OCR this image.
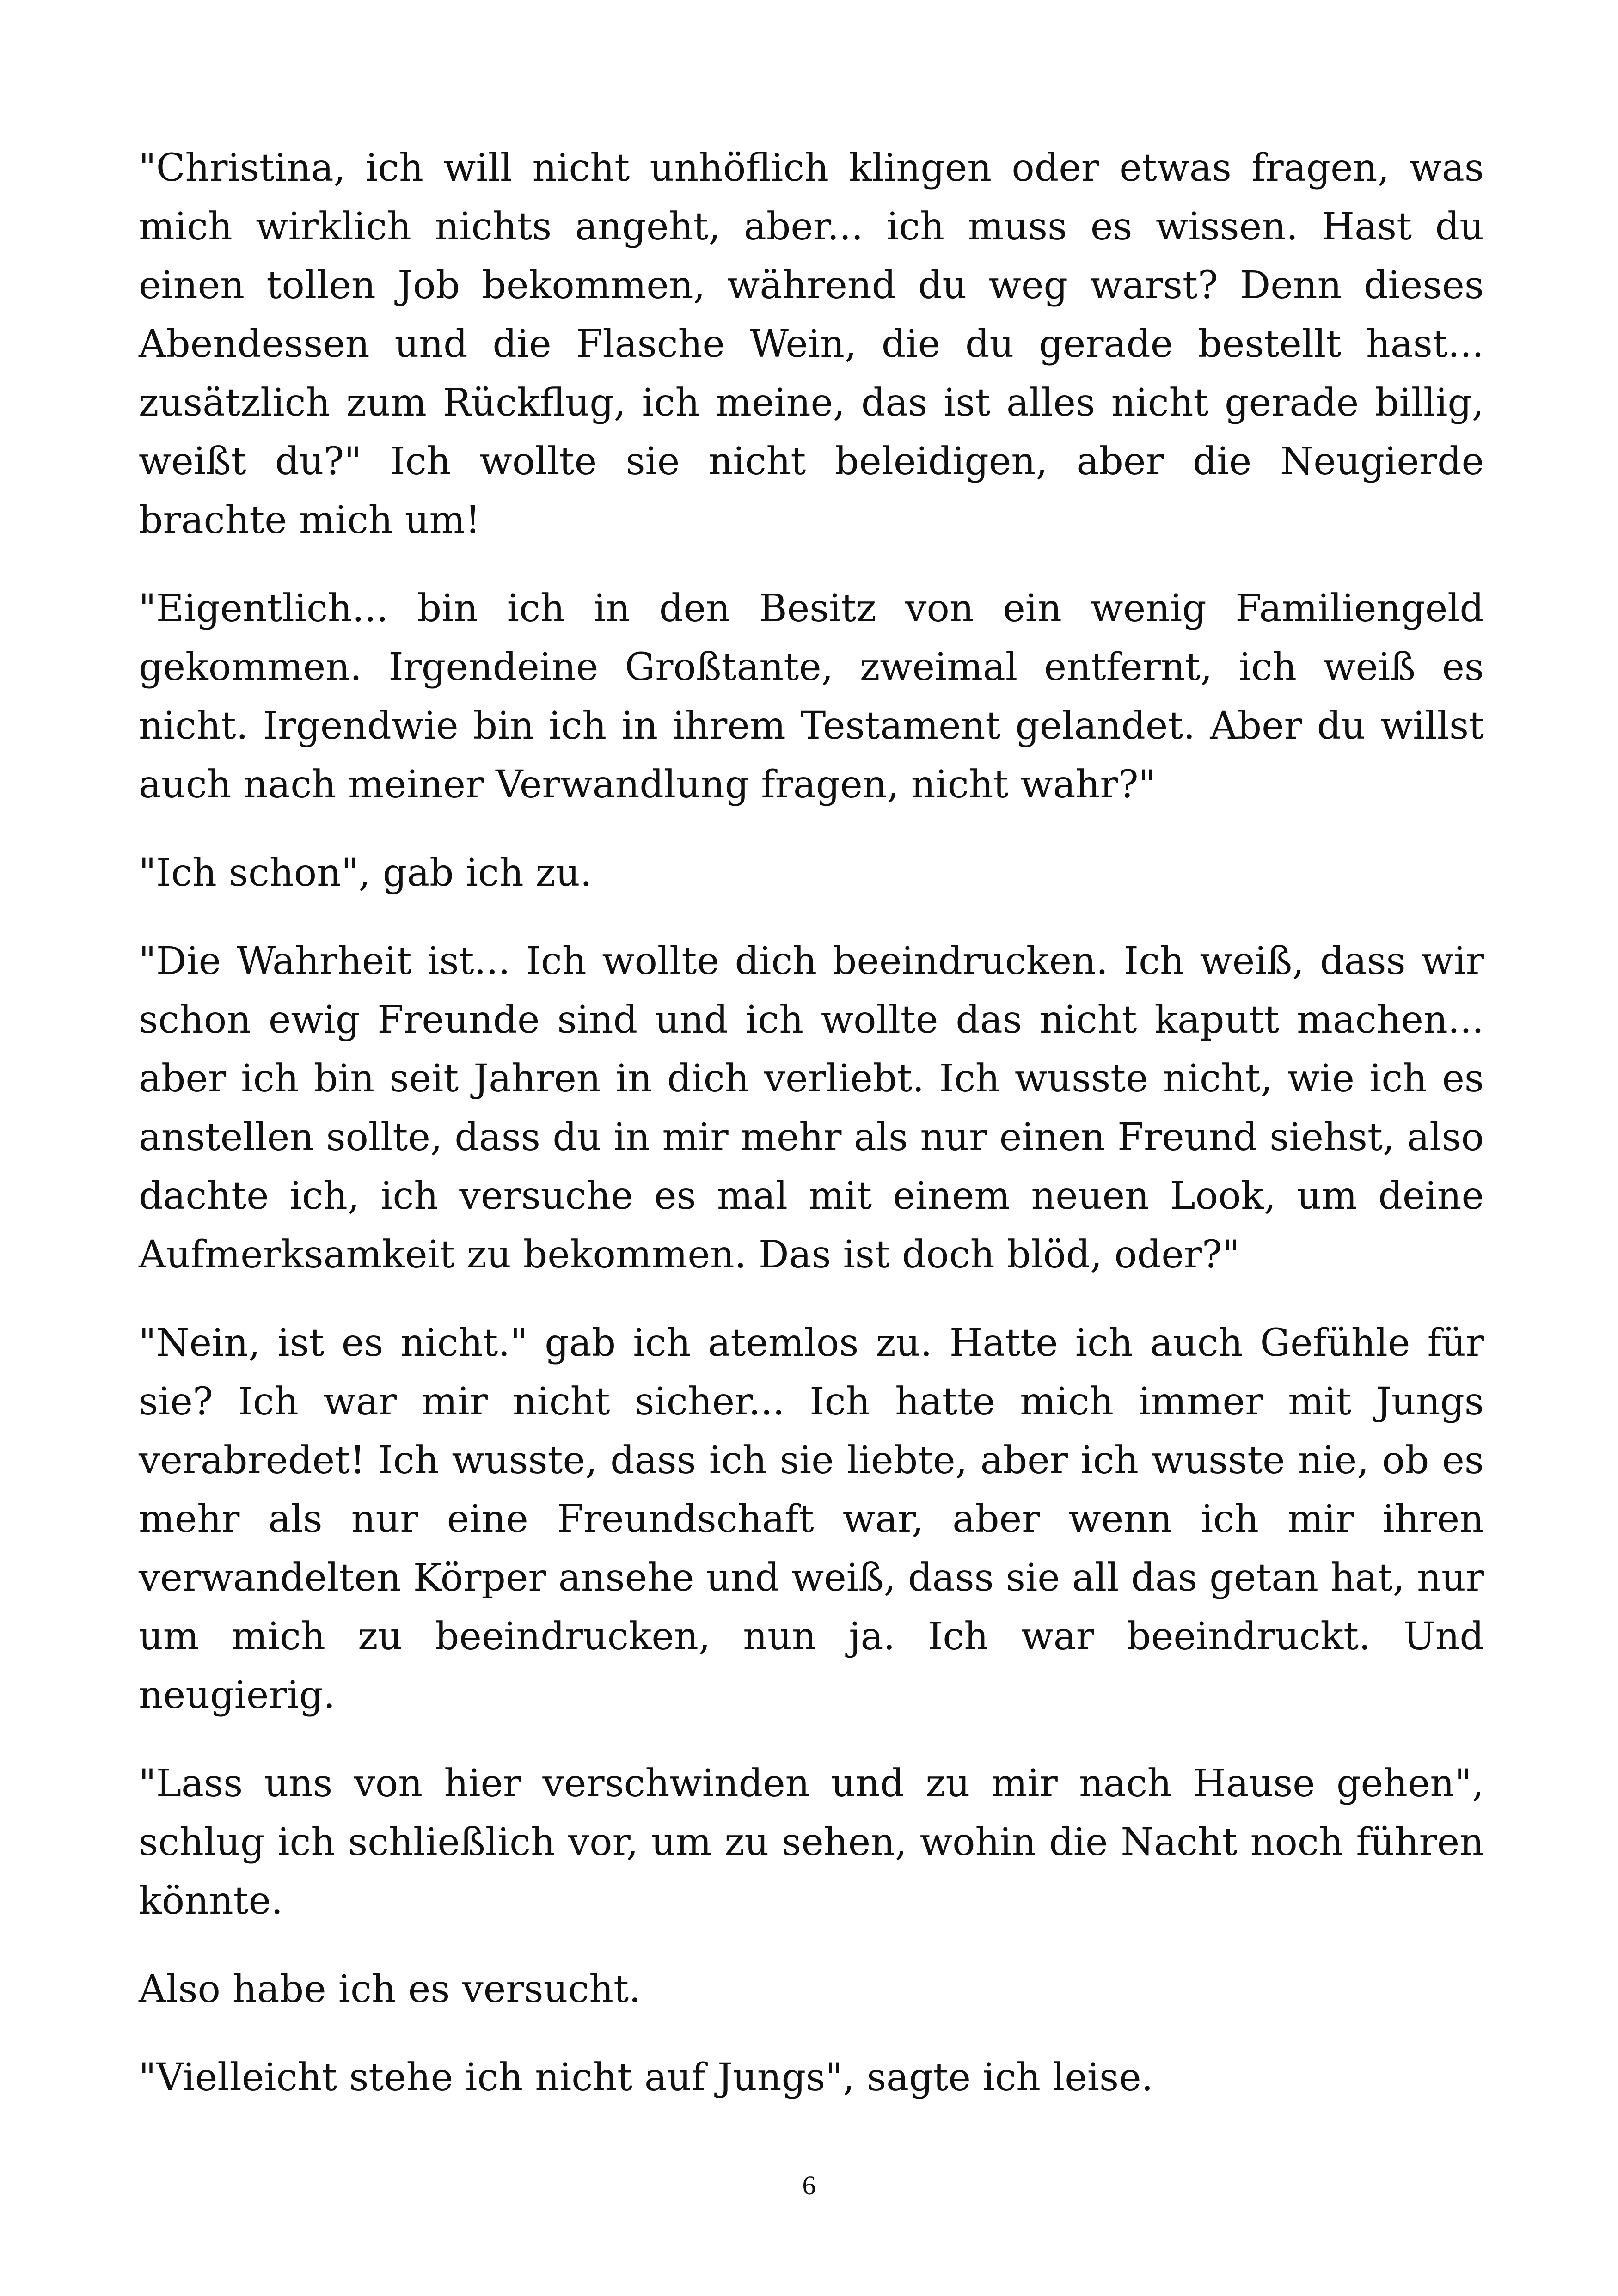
"Christina, ich will nicht unhöflich klingen oder etwas fragen, was mich wirklich nichts angeht, aber... ich muss es wissen. Hast du einen tollen Job bekommen, während du weg warst? Denn dieses Abendessen und die Flasche Wein, die du gerade bestellt hast... zusätzlich zum Rückflug, ich meine, das ist alles nicht gerade billig, weißt du?" Ich wollte sie nicht beleidigen, aber die Neugierde brachte mich um!

"Eigentlich... bin ich in den Besitz von ein wenig Familiengeld gekommen. Irgendeine Großtante, zweimal entfernt, ich weiß es nicht. Irgendwie bin ich in ihrem Testament gelandet. Aber du willst auch nach meiner Verwandlung fragen, nicht wahr?"

"Ich schon", gab ich zu.

"Die Wahrheit ist... Ich wollte dich beeindrucken. Ich weiß, dass wir schon ewig Freunde sind und ich wollte das nicht kaputt machen... aber ich bin seit Jahren in dich verliebt. Ich wusste nicht, wie ich es anstellen sollte, dass du in mir mehr als nur einen Freund siehst, also dachte ich, ich versuche es mal mit einem neuen Look, um deine Aufmerksamkeit zu bekommen. Das ist doch blöd, oder?"

"Nein, ist es nicht." gab ich atemlos zu. Hatte ich auch Gefühle für sie? Ich war mir nicht sicher... Ich hatte mich immer mit Jungs verabredet! Ich wusste, dass ich sie liebte, aber ich wusste nie, ob es mehr als nur eine Freundschaft war, aber wenn ich mir ihren verwandelten Körper ansehe und weiß, dass sie all das getan hat, nur um mich zu beeindrucken, nun ja. Ich war beeindruckt. Und neugierig.

"Lass uns von hier verschwinden und zu mir nach Hause gehen", schlug ich schließlich vor, um zu sehen, wohin die Nacht noch führen könnte.

Also habe ich es versucht.

"Vielleicht stehe ich nicht auf Jungs", sagte ich leise.

6
